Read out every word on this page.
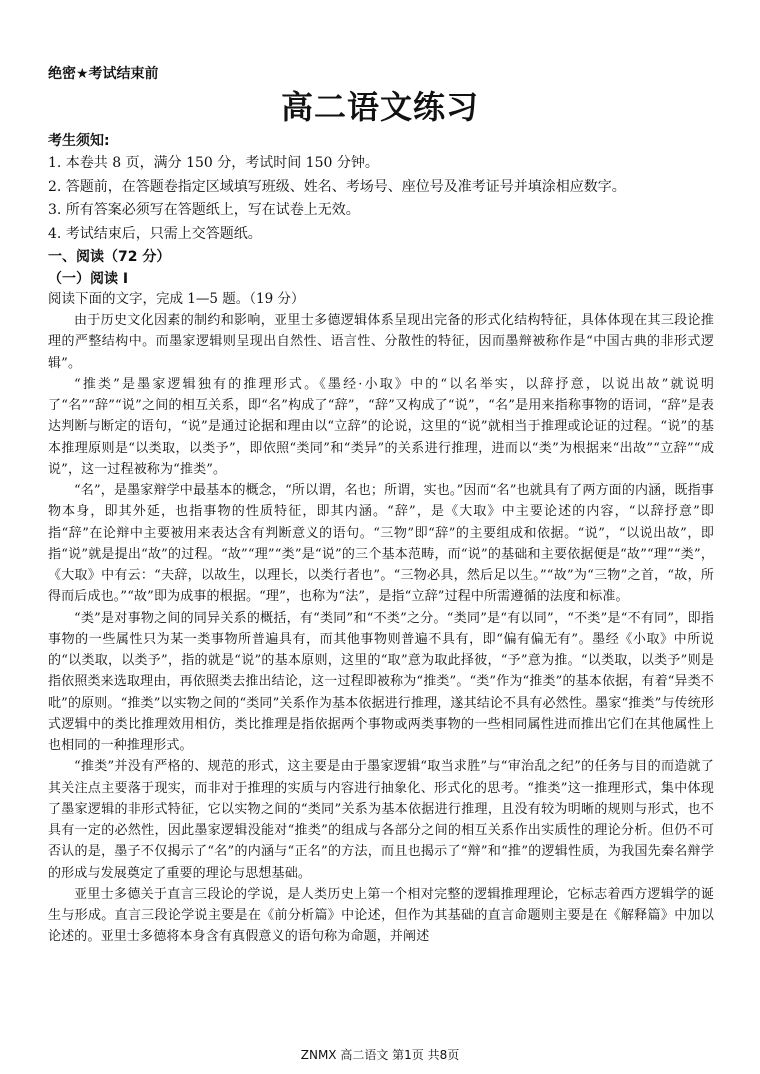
绝密★考试结束前
高二语文练习
考生须知:
1. 本卷共 8 页，满分 150 分，考试时间 150 分钟。
2. 答题前，在答题卷指定区域填写班级、姓名、考场号、座位号及准考证号并填涂相应数字。
3. 所有答案必须写在答题纸上，写在试卷上无效。
4. 考试结束后，只需上交答题纸。
一、阅读（72 分）
（一）阅读 I
阅读下面的文字，完成 1—5 题。（19 分）

由于历史文化因素的制约和影响，亚里士多德逻辑体系呈现出完备的形式化结构特征，具体体现在其三段论推理的严整结构中。而墨家逻辑则呈现出自然性、语言性、分散性的特征，因而墨辩被称作是“中国古典的非形式逻辑”。

“推类”是墨家逻辑独有的推理形式。《墨经·小取》中的“以名举实，以辞抒意，以说出故”就说明了“名”“辞”“说”之间的相互关系，即“名”构成了“辞”，“辞”又构成了“说”，“名”是用来指称事物的语词，“辞”是表达判断与断定的语句，“说”是通过论据和理由以“立辞”的论说，这里的“说”就相当于推理或论证的过程。“说”的基本推理原则是“以类取，以类予”，即依照“类同”和“类异”的关系进行推理，进而以“类”为根据来“出故”“立辞”“成说”，这一过程被称为“推类”。

“名”，是墨家辩学中最基本的概念，“所以谓，名也；所谓，实也。”因而“名”也就具有了两方面的内涵，既指事物本身，即其外延，也指事物的性质特征，即其内涵。“辞”，是《大取》中主要论述的内容，“以辞抒意”即指“辞”在论辩中主要被用来表达含有判断意义的语句。“三物”即“辞”的主要组成和依据。“说”，“以说出故”，即指“说”就是提出“故”的过程。“故”“理”“类”是“说”的三个基本范畴，而“说”的基础和主要依据便是“故”“理”“类”，《大取》中有云：“夫辞，以故生，以理长，以类行者也”。“三物必具，然后足以生。”“故”为“三物”之首，“故，所得而后成也。”“故”即为成事的根据。“理”，也称为“法”，是指“立辞”过程中所需遵循的法度和标准。

“类”是对事物之间的同异关系的概括，有“类同”和“不类”之分。“类同”是“有以同”，“不类”是“不有同”，即指事物的一些属性只为某一类事物所普遍具有，而其他事物则普遍不具有，即“偏有偏无有”。墨经《小取》中所说的“以类取，以类予”，指的就是“说”的基本原则，这里的“取”意为取此择彼，“予”意为推。“以类取，以类予”则是指依照类来选取理由，再依照类去推出结论，这一过程即被称为“推类”。“类”作为“推类”的基本依据，有着“异类不吡”的原则。“推类”以实物之间的“类同”关系作为基本依据进行推理，遂其结论不具有必然性。墨家“推类”与传统形式逻辑中的类比推理效用相仿，类比推理是指依据两个事物或两类事物的一些相同属性进而推出它们在其他属性上也相同的一种推理形式。

“推类”并没有严格的、规范的形式，这主要是由于墨家逻辑“取当求胜”与“审治乱之纪”的任务与目的而造就了其关注点主要落于现实，而非对于推理的实质与内容进行抽象化、形式化的思考。“推类”这一推理形式，集中体现了墨家逻辑的非形式特征，它以实物之间的“类同”关系为基本依据进行推理，且没有较为明晰的规则与形式，也不具有一定的必然性，因此墨家逻辑没能对“推类”的组成与各部分之间的相互关系作出实质性的理论分析。但仍不可否认的是，墨子不仅揭示了“名”的内涵与“正名”的方法，而且也揭示了“辩”和“推”的逻辑性质，为我国先秦名辩学的形成与发展奠定了重要的理论与思想基础。

亚里士多德关于直言三段论的学说，是人类历史上第一个相对完整的逻辑推理理论，它标志着西方逻辑学的诞生与形成。直言三段论学说主要是在《前分析篇》中论述，但作为其基础的直言命题则主要是在《解释篇》中加以论述的。亚里士多德将本身含有真假意义的语句称为命题，并阐述

ZNMX 高二语文 第1页 共8页
